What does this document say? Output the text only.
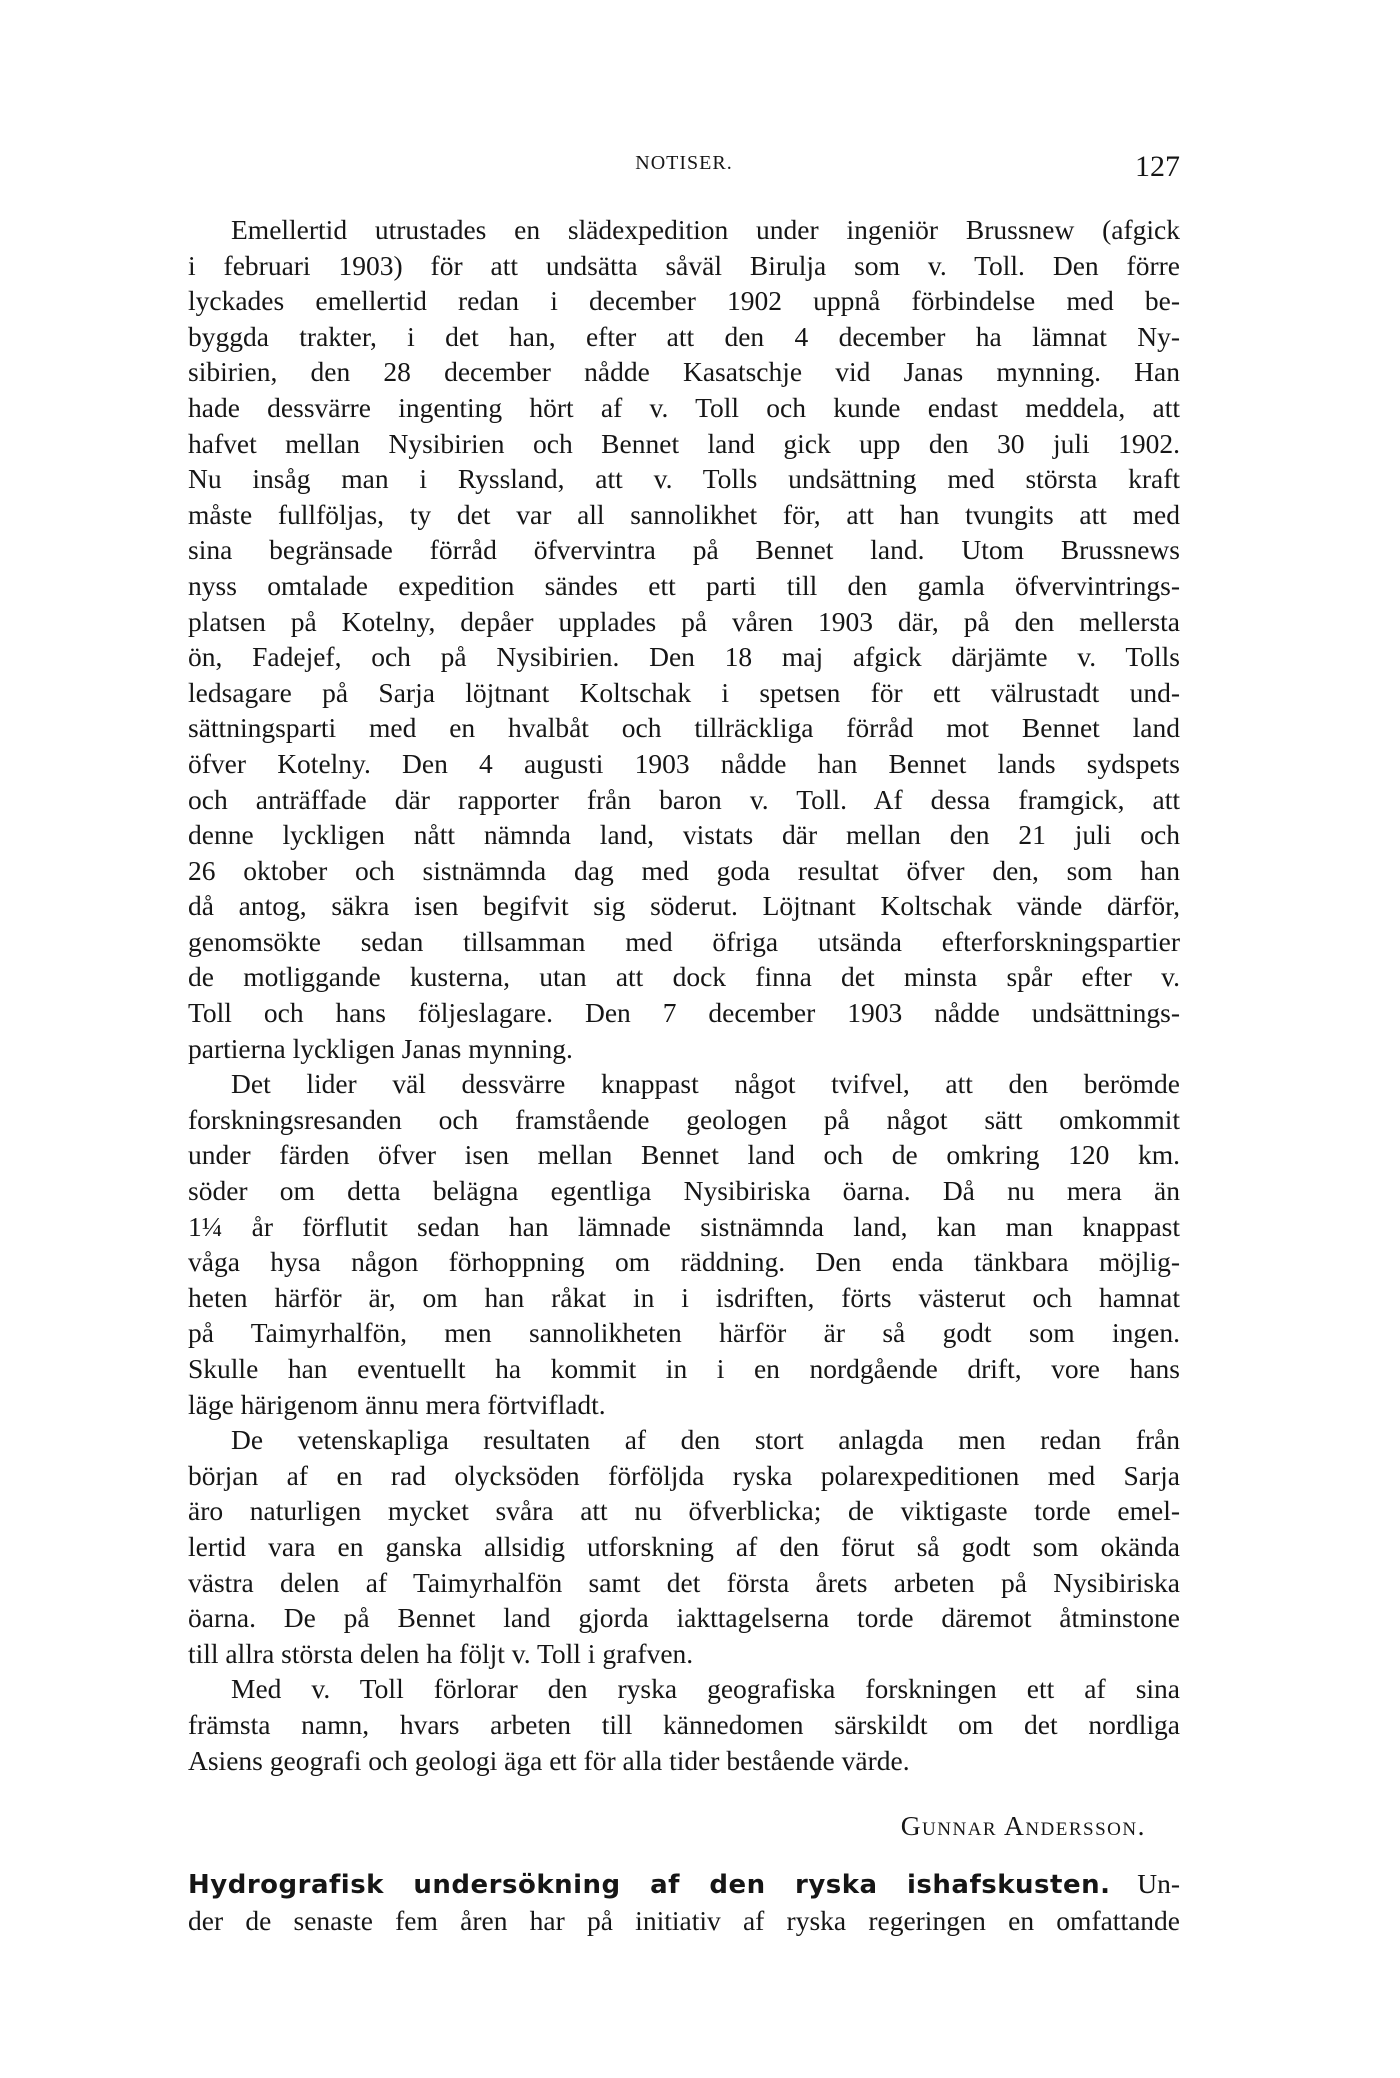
NOTISER.	127
Emellertid utrustades en slädexpedition under ingeniör Brussnew (afgick
i februari 1903) för att undsätta såväl Birulja som v. Toll. Den förre
lyckades emellertid redan i december 1902 uppnå förbindelse med be-
byggda trakter, i det han, efter att den 4 december ha lämnat Ny-
sibirien, den 28 december nådde Kasatschje vid Janas mynning. Han
hade dessvärre ingenting hört af v. Toll och kunde endast meddela, att
hafvet mellan Nysibirien och Bennet land gick upp den 30 juli 1902.
Nu insåg man i Ryssland, att v. Tolls undsättning med största kraft
måste fullföljas, ty det var all sannolikhet för, att han tvungits att med
sina begränsade förråd öfvervintra på Bennet land. Utom Brussnews
nyss omtalade expedition sändes ett parti till den gamla öfvervintrings-
platsen på Kotelny, depåer upplades på våren 1903 där, på den mellersta
ön, Fadejef, och på Nysibirien. Den 18 maj afgick därjämte v. Tolls
ledsagare på Sarja löjtnant Koltschak i spetsen för ett välrustadt und-
sättningsparti med en hvalbåt och tillräckliga förråd mot Bennet land
öfver Kotelny. Den 4 augusti 1903 nådde han Bennet lands sydspets
och anträffade där rapporter från baron v. Toll. Af dessa framgick, att
denne lyckligen nått nämnda land, vistats där mellan den 21 juli och
26 oktober och sistnämnda dag med goda resultat öfver den, som han
då antog, säkra isen begifvit sig söderut. Löjtnant Koltschak vände därför,
genomsökte sedan tillsamman med öfriga utsända efterforskningspartier
de motliggande kusterna, utan att dock finna det minsta spår efter v.
Toll och hans följeslagare. Den 7 december 1903 nådde undsättnings-
partierna lyckligen Janas mynning.
Det lider väl dessvärre knappast något tvifvel, att den berömde
forskningsresanden och framstående geologen på något sätt omkommit
under färden öfver isen mellan Bennet land och de omkring 120 km.
söder om detta belägna egentliga Nysibiriska öarna. Då nu mera än
1¼ år förflutit sedan han lämnade sistnämnda land, kan man knappast
våga hysa någon förhoppning om räddning. Den enda tänkbara möjlig-
heten härför är, om han råkat in i isdriften, förts västerut och hamnat
på Taimyrhalfön, men sannolikheten härför är så godt som ingen.
Skulle han eventuellt ha kommit in i en nordgående drift, vore hans
läge härigenom ännu mera förtvifladt.
De vetenskapliga resultaten af den stort anlagda men redan från
början af en rad olycksöden förföljda ryska polarexpeditionen med Sarja
äro naturligen mycket svåra att nu öfverblicka; de viktigaste torde emel-
lertid vara en ganska allsidig utforskning af den förut så godt som okända
västra delen af Taimyrhalfön samt det första årets arbeten på Nysibiriska
öarna. De på Bennet land gjorda iakttagelserna torde däremot åtminstone
till allra största delen ha följt v. Toll i grafven.
Med v. Toll förlorar den ryska geografiska forskningen ett af sina
främsta namn, hvars arbeten till kännedomen särskildt om det nordliga
Asiens geografi och geologi äga ett för alla tider bestående värde.
Gunnar Andersson.
Hydrografisk undersökning af den ryska ishafskusten. Un-
der de senaste fem åren har på initiativ af ryska regeringen en omfattande
